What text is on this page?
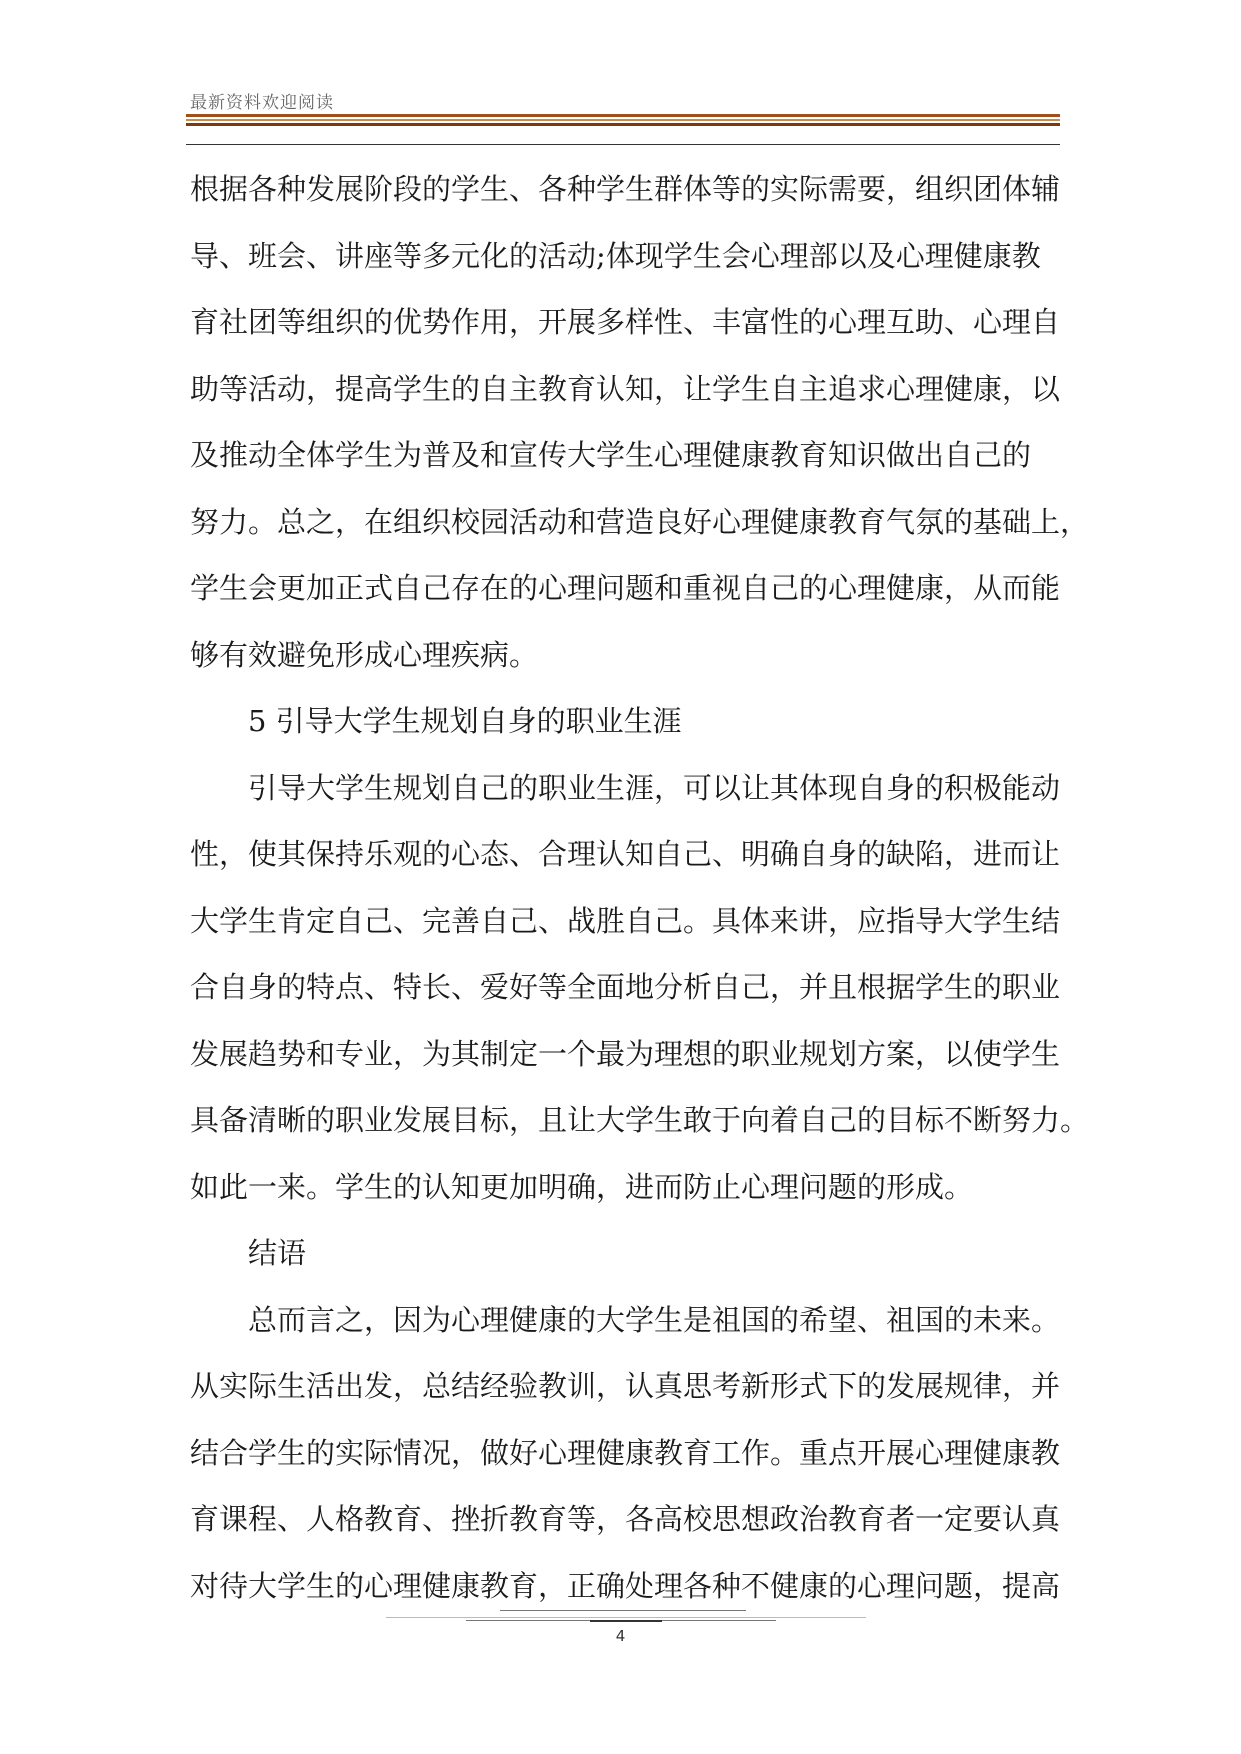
最新资料欢迎阅读

根据各种发展阶段的学生、各种学生群体等的实际需要，组织团体辅

导、班会、讲座等多元化的活动;体现学生会心理部以及心理健康教

育社团等组织的优势作用，开展多样性、丰富性的心理互助、心理自

助等活动，提高学生的自主教育认知，让学生自主追求心理健康，以

及推动全体学生为普及和宣传大学生心理健康教育知识做出自己的

努力。总之，在组织校园活动和营造良好心理健康教育气氛的基础上，

学生会更加正式自己存在的心理问题和重视自己的心理健康，从而能

够有效避免形成心理疾病。

5 引导大学生规划自身的职业生涯

引导大学生规划自己的职业生涯，可以让其体现自身的积极能动

性，使其保持乐观的心态、合理认知自己、明确自身的缺陷，进而让

大学生肯定自己、完善自己、战胜自己。具体来讲，应指导大学生结

合自身的特点、特长、爱好等全面地分析自己，并且根据学生的职业

发展趋势和专业，为其制定一个最为理想的职业规划方案，以使学生

具备清晰的职业发展目标，且让大学生敢于向着自己的目标不断努力。

如此一来。学生的认知更加明确，进而防止心理问题的形成。

结语

总而言之，因为心理健康的大学生是祖国的希望、祖国的未来。

从实际生活出发，总结经验教训，认真思考新形式下的发展规律，并

结合学生的实际情况，做好心理健康教育工作。重点开展心理健康教

育课程、人格教育、挫折教育等，各高校思想政治教育者一定要认真

对待大学生的心理健康教育，正确处理各种不健康的心理问题，提高

4
